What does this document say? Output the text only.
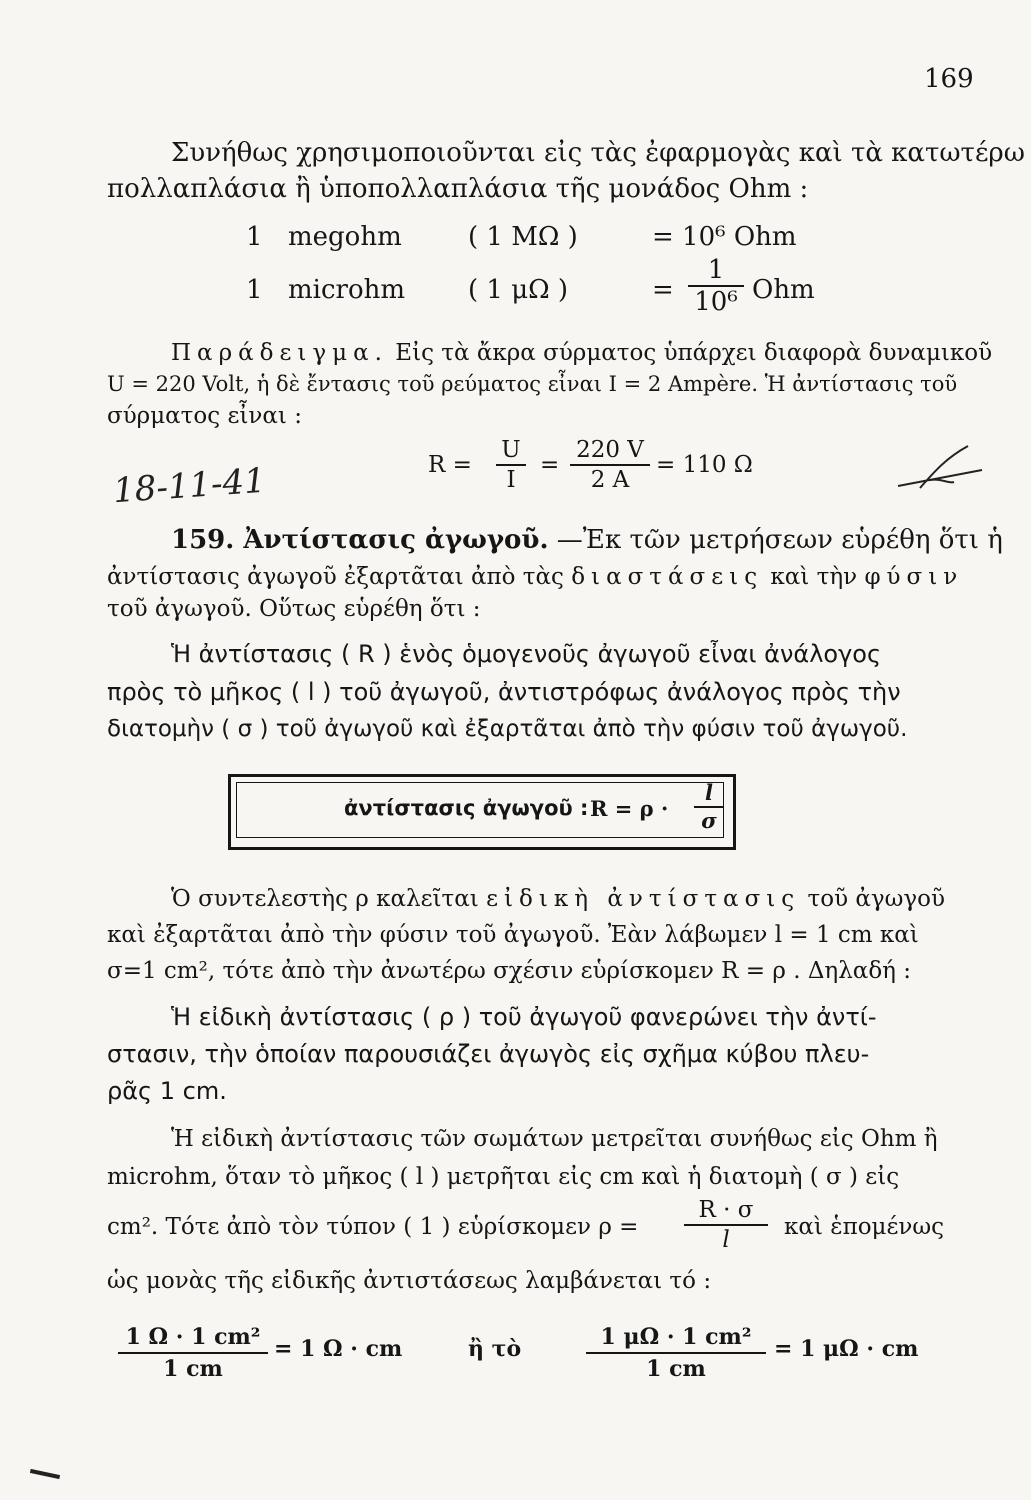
169
Συνήθως χρησιμοποιοῦνται εἰς τὰς ἐφαρμογὰς καὶ τὰ κατωτέρω
πολλαπλάσια ἢ ὑποπολλαπλάσια τῆς μονάδος Ohm :
1 megohm	( 1 MΩ )	= 10⁶ Ohm
1 microhm ( 1 μΩ )	= $\frac{1}{\text{10⁶}}$ Ohm
Παράδειγμα. Εἰς τὰ ἄκρα σύρματος ὑπάρχει διαφορὰ δυναμικοῦ
U = 220 Volt, ἡ δὲ ἔντασις τοῦ ρεύματος εἶναι I = 2 Ampère. Ἡ ἀντίστασις τοῦ
σύρματος εἶναι :
$R = \frac{U}{I} = \frac{220 V}{2 A} = 110$ Ω
18-11-41
159. Ἀντίστασις ἀγωγοῦ. —Ἐκ τῶν μετρήσεων εὑρέθη ὅτι ἡ
ἀντίστασις ἀγωγοῦ ἐξαρτᾶται ἀπὸ τὰς διαστάσεις καὶ τὴν φύσιν
τοῦ ἀγωγοῦ. Οὕτως εὑρέθη ὅτι :
Ἡ ἀντίστασις ( R ) ἑνὸς ὁμογενοῦς ἀγωγοῦ εἶναι ἀνάλογος
πρὸς τὸ μῆκος ( l ) τοῦ ἀγωγοῦ, ἀντιστρόφως ἀνάλογος πρὸς τὴν
διατομὴν ( σ ) τοῦ ἀγωγοῦ καὶ ἐξαρτᾶται ἀπὸ τὴν φύσιν τοῦ ἀγωγοῦ.
ἀντίστασις ἀγωγοῦ : $R = \rho \cdot \frac{l}{\sigma}$
Ὁ συντελεστὴς ρ καλεῖται εἰδικὴ ἀντίστασις τοῦ ἀγωγοῦ
καὶ ἐξαρτᾶται ἀπὸ τὴν φύσιν τοῦ ἀγωγοῦ. Ἐὰν λάβωμεν l = 1 cm καὶ
σ=1 cm², τότε ἀπὸ τὴν ἀνωτέρω σχέσιν εὑρίσκομεν R = ρ . Δηλαδή :
Ἡ εἰδικὴ ἀντίστασις ( ρ ) τοῦ ἀγωγοῦ φανερώνει τὴν ἀντί-
στασιν, τὴν ὁποίαν παρουσιάζει ἀγωγὸς εἰς σχῆμα κύβου πλευ-
ρᾶς 1 cm.
Ἡ εἰδικὴ ἀντίστασις τῶν σωμάτων μετρεῖται συνήθως εἰς Ohm ἢ
microhm, ὅταν τὸ μῆκος ( l ) μετρῆται εἰς cm καὶ ἡ διατομὴ ( σ ) εἰς
cm². Τότε ἀπὸ τὸν τύπον ( 1 ) εὑρίσκομεν $\rho = \frac{R \cdot \sigma}{l}$ καὶ ἑπομένως
ὡς μονὰς τῆς εἰδικῆς ἀντιστάσεως λαμβάνεται τό :
$\frac{\text{1 Ω · 1 cm²}}{1 cm} = 1$ Ω · cm	ἢ τὸ	$\frac{\text{1 μΩ · 1 cm²}}{1 cm} = 1$ μΩ · cm
